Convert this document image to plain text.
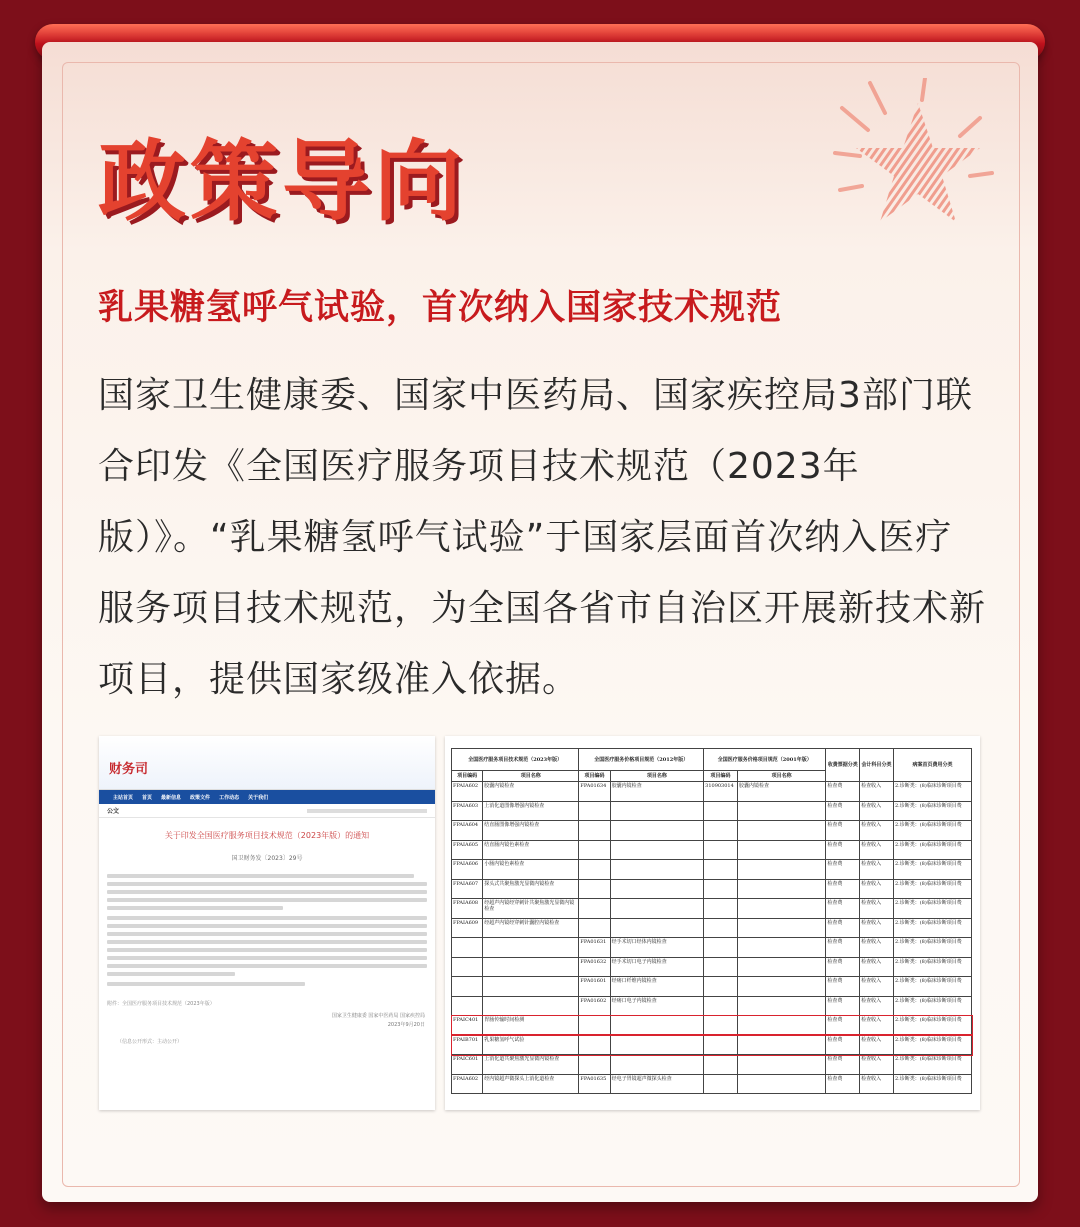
政策导向
乳果糖氢呼气试验，首次纳入国家技术规范
国家卫生健康委、国家中医药局、国家疾控局3部门联合印发《全国医疗服务项目技术规范（2023年版）》。“乳果糖氢呼气试验”于国家层面首次纳入医疗服务项目技术规范，为全国各省市自治区开展新技术新项目，提供国家级准入依据。
财务司
主站首页 首页 最新信息 政策文件 工作动态 关于我们
公文
关于印发全国医疗服务项目技术规范（2023年版）的通知
国卫财务发〔2023〕29号
附件：全国医疗服务项目技术规范（2023年版）
国家卫生健康委 国家中医药局 国家疾控局
2023年9月20日
（信息公开形式：主动公开）
全国医疗服务项目技术规范（2023年版）		全国医疗服务价格项目规范（2012年版）		全国医疗服务价格项目规范（2001年版）		收费票据分类	会计科目分类	病案首页费用分类
项目编码	项目名称	项目编码	项目名称	项目编码	项目名称			
FPAIA602	胶囊内镜检查	FPA01634	胶囊内镜检查	310903014	胶囊内镜检查	检查费	检查收入	2.诊断类：(8)临床诊断项目费
FPAIA603	上消化道图像增强内镜检查					检查费	检查收入	2.诊断类：(8)临床诊断项目费
FPAIA604	结直肠图像增强内镜检查					检查费	检查收入	2.诊断类：(8)临床诊断项目费
FPAIA605	结直肠内镜色素检查					检查费	检查收入	2.诊断类：(8)临床诊断项目费
FPAIA606	小肠内镜色素检查					检查费	检查收入	2.诊断类：(8)临床诊断项目费
FPAIA607	探头式共聚焦激光显微内镜检查					检查费	检查收入	2.诊断类：(8)临床诊断项目费
FPAIA608	经超声内镜经穿刺针共聚焦激光显微内镜检查					检查费	检查收入	2.诊断类：(8)临床诊断项目费
FPAIA609	经超声内镜经穿刺针囊腔内镜检查					检查费	检查收入	2.诊断类：(8)临床诊断项目费
		FPA01631	经手术切口经体内镜检查			检查费	检查收入	2.诊断类：(8)临床诊断项目费
		FPA01632	经手术切口电子内镜检查			检查费	检查收入	2.诊断类：(8)临床诊断项目费
		FPA01601	经瘘口纤维内镜检查			检查费	检查收入	2.诊断类：(8)临床诊断项目费
		FPA01602	经瘘口电子内镜检查			检查费	检查收入	2.诊断类：(8)临床诊断项目费
FPAIC401	胃肠传输时间检测					检查费	检查收入	2.诊断类：(8)临床诊断项目费
FPAIB701	乳果糖氢呼气试验					检查费	检查收入	2.诊断类：(8)临床诊断项目费
FPAIC601	上消化道共聚焦激光显微内镜检查					检查费	检查收入	2.诊断类：(8)临床诊断项目费
FPAIA602	经内镜超声微探头上消化道检查	FPA01635	经电子胃镜超声微探头检查			检查费	检查收入	2.诊断类：(8)临床诊断项目费
